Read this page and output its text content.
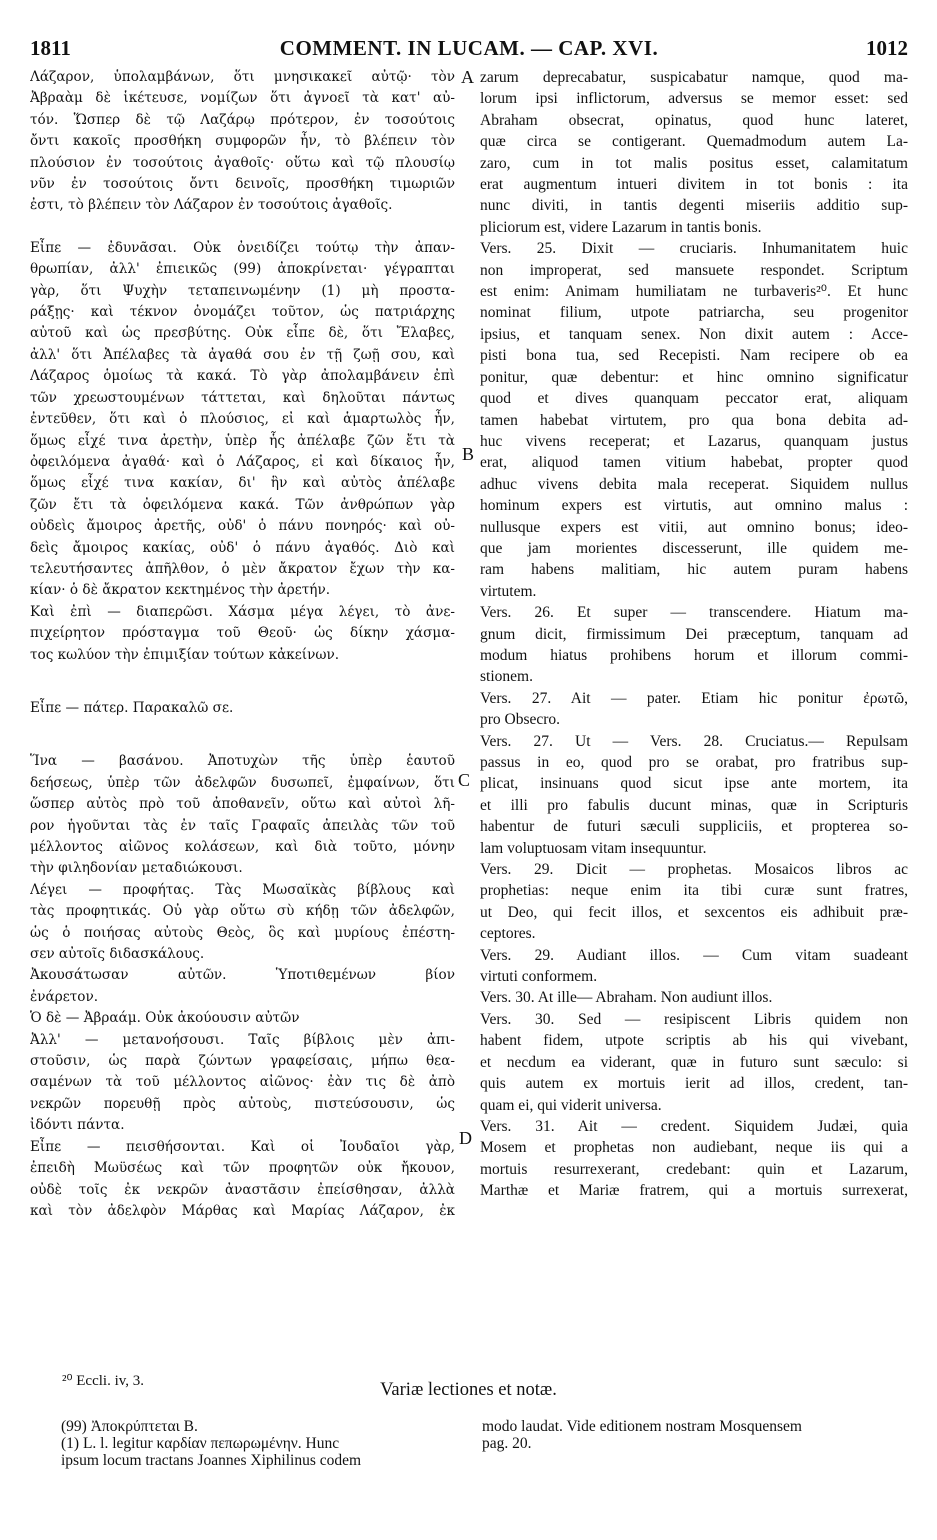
1811	COMMENT. IN LUCAM. — CAP. XVI.	1012

Λάζαρον, ὑπολαμβάνων, ὅτι μνησικακεῖ αὐτῷ· τὸν

Ἀβραὰμ δὲ ἱκέτευσε, νομίζων ὅτι ἀγνοεῖ τὰ κατ' αὐ-

τόν. Ὥσπερ δὲ τῷ Λαζάρῳ πρότερον, ἐν τοσούτοις

ὄντι κακοῖς προσθήκη συμφορῶν ἦν, τὸ βλέπειν τὸν

πλούσιον ἐν τοσούτοις ἀγαθοῖς· οὕτω καὶ τῷ πλουσίῳ

νῦν ἐν τοσούτοις ὄντι δεινοῖς, προσθήκη τιμωριῶν

ἐστι, τὸ βλέπειν τὸν Λάζαρον ἐν τοσούτοις ἀγαθοῖς.

Εἶπε — ἐδυνᾶσαι. Οὐκ ὀνειδίζει τούτῳ τὴν ἀπαν-

θρωπίαν, ἀλλ' ἐπιεικῶς (99) ἀποκρίνεται· γέγραπται

γὰρ, ὅτι Ψυχὴν τεταπεινωμένην (1) μὴ προστα-

ράξῃς· καὶ τέκνον ὀνομάζει τοῦτον, ὡς πατριάρχης

αὐτοῦ καὶ ὡς πρεσβύτης. Οὐκ εἶπε δὲ, ὅτι Ἔλαβες,

ἀλλ' ὅτι Ἀπέλαβες τὰ ἀγαθά σου ἐν τῇ ζωῇ σου, καὶ

Λάζαρος ὁμοίως τὰ κακά. Τὸ γὰρ ἀπολαμβάνειν ἐπὶ

τῶν χρεωστουμένων τάττεται, καὶ δηλοῦται πάντως

ἐντεῦθεν, ὅτι καὶ ὁ πλούσιος, εἰ καὶ ἁμαρτωλὸς ἦν,

ὅμως εἶχέ τινα ἀρετὴν, ὑπὲρ ἧς ἀπέλαβε ζῶν ἔτι τὰ

ὀφειλόμενα ἀγαθά· καὶ ὁ Λάζαρος, εἰ καὶ δίκαιος ἦν,

ὅμως εἶχέ τινα κακίαν, δι' ἣν καὶ αὐτὸς ἀπέλαβε

ζῶν ἔτι τὰ ὀφειλόμενα κακά. Τῶν ἀνθρώπων γὰρ

οὐδεὶς ἄμοιρος ἀρετῆς, οὐδ' ὁ πάνυ πονηρός· καὶ οὐ-

δεὶς ἄμοιρος κακίας, οὐδ' ὁ πάνυ ἀγαθός. Διὸ καὶ

τελευτήσαντες ἀπῆλθον, ὁ μὲν ἄκρατον ἔχων τὴν κα-

κίαν· ὁ δὲ ἄκρατον κεκτημένος τὴν ἀρετήν.

Καὶ ἐπὶ — διαπερῶσι. Χάσμα μέγα λέγει, τὸ ἀνε-

πιχείρητον πρόσταγμα τοῦ Θεοῦ· ὡς δίκην χάσμα-

τος κωλύον τὴν ἐπιμιξίαν τούτων κἀκείνων.

Εἶπε — πάτερ. Παρακαλῶ σε.

Ἵνα — βασάνου. Ἀποτυχὼν τῆς ὑπὲρ ἑαυτοῦ

δεήσεως, ὑπὲρ τῶν ἀδελφῶν δυσωπεῖ, ἐμφαίνων, ὅτι

ὥσπερ αὐτὸς πρὸ τοῦ ἀποθανεῖν, οὕτω καὶ αὐτοὶ λῆ-

ρον ἡγοῦνται τὰς ἐν ταῖς Γραφαῖς ἀπειλὰς τῶν τοῦ

μέλλοντος αἰῶνος κολάσεων, καὶ διὰ τοῦτο, μόνην

τὴν φιληδονίαν μεταδιώκουσι.

Λέγει — προφήτας. Τὰς Μωσαϊκὰς βίβλους καὶ

τὰς προφητικάς. Οὐ γὰρ οὕτω σὺ κήδῃ τῶν ἀδελφῶν,

ὡς ὁ ποιήσας αὐτοὺς Θεὸς, ὃς καὶ μυρίους ἐπέστη-

σεν αὐτοῖς διδασκάλους.

Ἀκουσάτωσαν αὐτῶν. Ὑποτιθεμένων βίον

ἐνάρετον.

Ὁ δὲ — Ἀβραάμ. Οὐκ ἀκούουσιν αὐτῶν

Ἀλλ' — μετανοήσουσι. Ταῖς βίβλοις μὲν ἀπι-

στοῦσιν, ὡς παρὰ ζώντων γραφείσαις, μήπω θεα-

σαμένων τὰ τοῦ μέλλοντος αἰῶνος· ἐὰν τις δὲ ἀπὸ

νεκρῶν πορευθῇ πρὸς αὐτοὺς, πιστεύσουσιν, ὡς

ἰδόντι πάντα.

Εἶπε — πεισθήσονται. Καὶ οἱ Ἰουδαῖοι γὰρ,

ἐπειδὴ Μωϋσέως καὶ τῶν προφητῶν οὐκ ἤκουον,

οὐδὲ τοῖς ἐκ νεκρῶν ἀναστᾶσιν ἐπείσθησαν, ἀλλὰ

καὶ τὸν ἀδελφὸν Μάρθας καὶ Μαρίας Λάζαρον, ἐκ

zarum deprecabatur, suspicabatur namque, quod ma-

lorum ipsi inflictorum, adversus se memor esset: sed

Abraham obsecrat, opinatus, quod hunc lateret,

quæ circa se contigerant. Quemadmodum autem La-

zaro, cum in tot malis positus esset, calamitatum

erat augmentum intueri divitem in tot bonis : ita

nunc diviti, in tantis degenti miseriis additio sup-

pliciorum est, videre Lazarum in tantis bonis.

Vers. 25. Dixit — cruciaris. Inhumanitatem huic

non improperat, sed mansuete respondet. Scriptum

est enim: Animam humiliatam ne turbaveris²⁰. Et hunc

nominat filium, utpote patriarcha, seu progenitor

ipsius, et tanquam senex. Non dixit autem : Acce-

pisti bona tua, sed Recepisti. Nam recipere ob ea

ponitur, quæ debentur: et hinc omnino significatur

quod et dives quanquam peccator erat, aliquam

tamen habebat virtutem, pro qua bona debita ad-

huc vivens receperat; et Lazarus, quanquam justus

erat, aliquod tamen vitium habebat, propter quod

adhuc vivens debita mala receperat. Siquidem nullus

hominum expers est virtutis, aut omnino malus :

nullusque expers est vitii, aut omnino bonus; ideo-

que jam morientes discesserunt, ille quidem me-

ram habens malitiam, hic autem puram habens

virtutem.

Vers. 26. Et super — transcendere. Hiatum ma-

gnum dicit, firmissimum Dei præceptum, tanquam ad

modum hiatus prohibens horum et illorum commi-

stionem.

Vers. 27. Ait — pater. Etiam hic ponitur ἐρωτῶ,

pro Obsecro.

Vers. 27. Ut — Vers. 28. Cruciatus.— Repulsam

passus in eo, quod pro se orabat, pro fratribus sup-

plicat, insinuans quod sicut ipse ante mortem, ita

et illi pro fabulis ducunt minas, quæ in Scripturis

habentur de futuri sæculi suppliciis, et propterea so-

lam voluptuosam vitam insequuntur.

Vers. 29. Dicit — prophetas. Mosaicos libros ac

prophetias: neque enim ita tibi curæ sunt fratres,

ut Deo, qui fecit illos, et sexcentos eis adhibuit præ-

ceptores.

Vers. 29. Audiant illos. — Cum vitam suadeant

virtuti conformem.

Vers. 30. At ille— Abraham. Non audiunt illos.

Vers. 30. Sed — resipiscent Libris quidem non

habent fidem, utpote scriptis ab his qui vivebant,

et necdum ea viderant, quæ in futuro sunt sæculo: si

quis autem ex mortuis ierit ad illos, credent, tan-

quam ei, qui viderit universa.

Vers. 31. Ait — credent. Siquidem Judæi, quia

Mosem et prophetas non audiebant, neque iis qui a

mortuis resurrexerant, credebant: quin et Lazarum,

Marthæ et Mariæ fratrem, qui a mortuis surrexerat,

A
B
C
D
²⁰ Eccli. iv, 3.	Variæ lectiones et notæ.

(99) Ἀποκρύπτεται B.

(1) L. l. legitur καρδίαν πεπωρωμένην. Hunc

ipsum locum tractans Joannes Xiphilinus codem

modo laudat. Vide editionem nostram Mosquensem

pag. 20.
